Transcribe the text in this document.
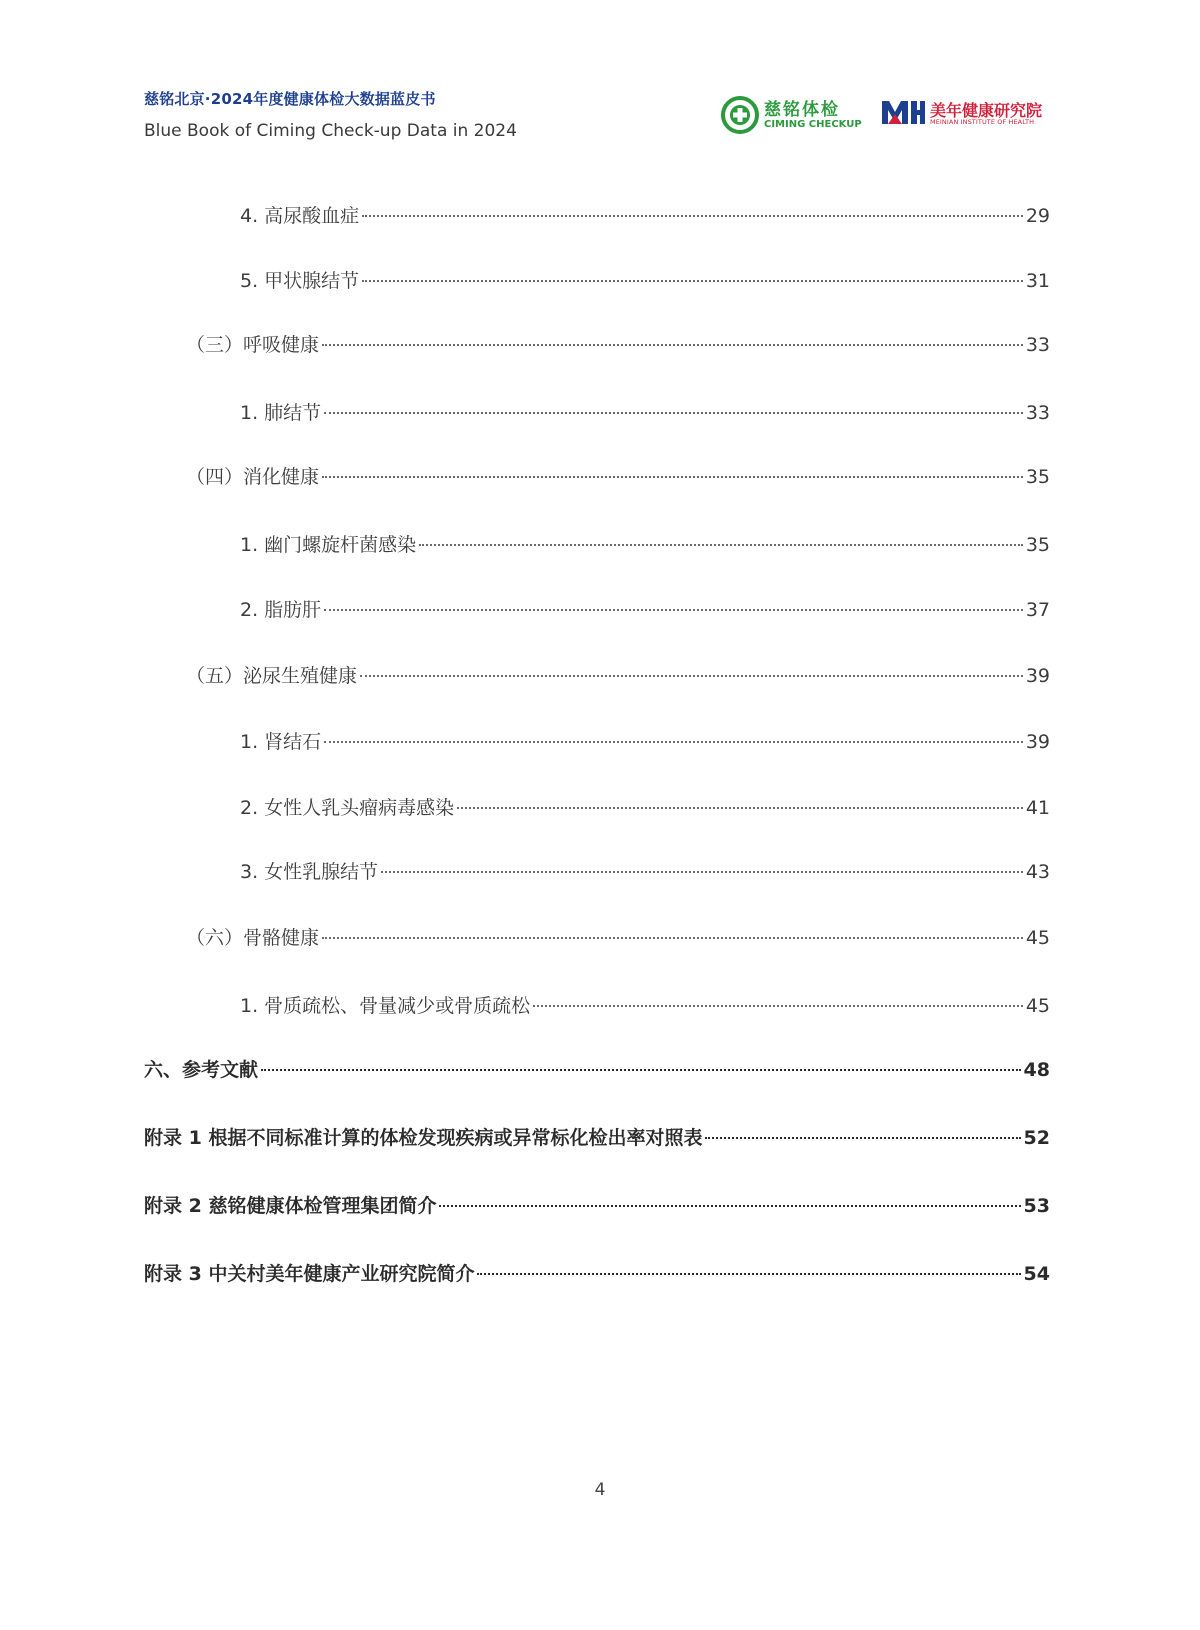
慈铭北京·2024年度健康体检大数据蓝皮书
Blue Book of Ciming Check-up Data in 2024
慈铭体检
CIMING CHECKUP
美年健康研究院
MEINIAN INSTITUTE OF HEALTH
4. 高尿酸血症	29
5. 甲状腺结节	31
（三）呼吸健康	33
1. 肺结节	33
（四）消化健康	35
1. 幽门螺旋杆菌感染	35
2. 脂肪肝	37
（五）泌尿生殖健康	39
1. 肾结石	39
2. 女性人乳头瘤病毒感染	41
3. 女性乳腺结节	43
（六）骨骼健康	45
1. 骨质疏松、骨量减少或骨质疏松	45
六、参考文献	48
附录 1 根据不同标准计算的体检发现疾病或异常标化检出率对照表	52
附录 2 慈铭健康体检管理集团简介	53
附录 3 中关村美年健康产业研究院简介	54
4
